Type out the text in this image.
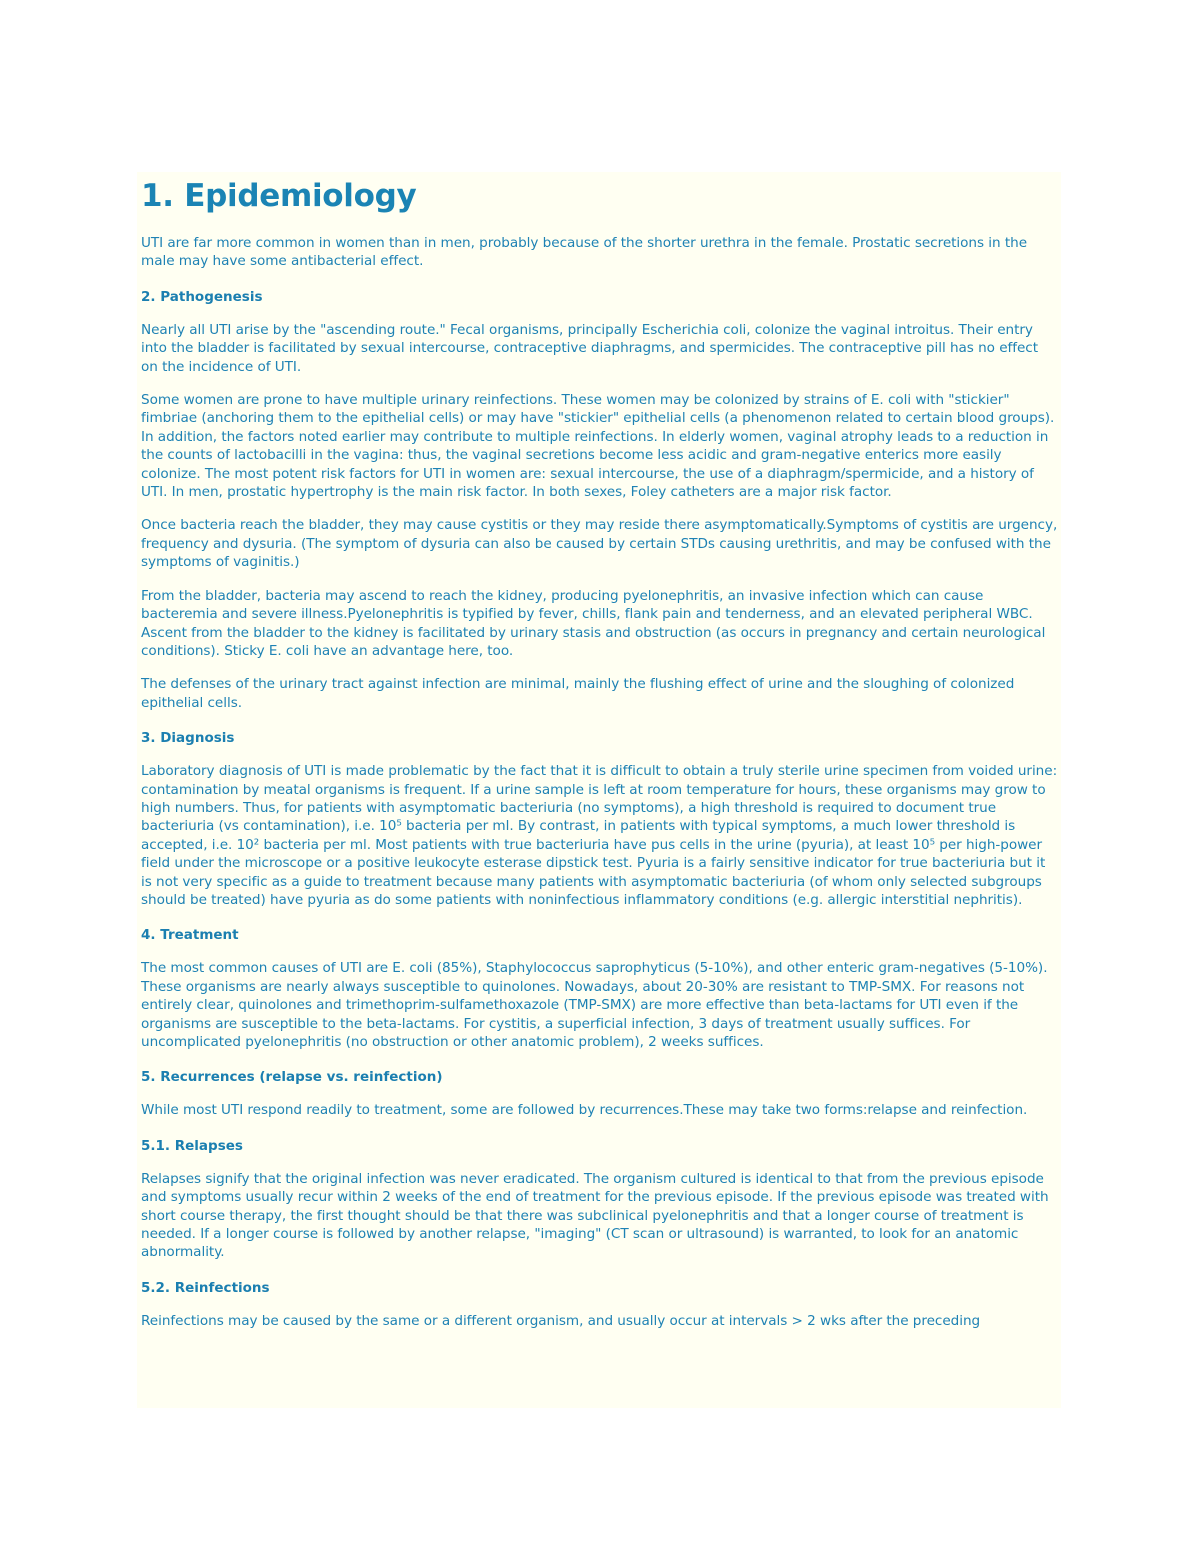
1. Epidemiology

UTI are far more common in women than in men, probably because of the shorter urethra in the female. Prostatic secretions in the male may have some antibacterial effect.

2. Pathogenesis

Nearly all UTI arise by the "ascending route." Fecal organisms, principally Escherichia coli, colonize the vaginal introitus. Their entry into the bladder is facilitated by sexual intercourse, contraceptive diaphragms, and spermicides. The contraceptive pill has no effect on the incidence of UTI.

Some women are prone to have multiple urinary reinfections. These women may be colonized by strains of E. coli with "stickier" fimbriae (anchoring them to the epithelial cells) or may have "stickier" epithelial cells (a phenomenon related to certain blood groups). In addition, the factors noted earlier may contribute to multiple reinfections. In elderly women, vaginal atrophy leads to a reduction in the counts of lactobacilli in the vagina: thus, the vaginal secretions become less acidic and gram-negative enterics more easily colonize. The most potent risk factors for UTI in women are: sexual intercourse, the use of a diaphragm/spermicide, and a history of UTI. In men, prostatic hypertrophy is the main risk factor. In both sexes, Foley catheters are a major risk factor.

Once bacteria reach the bladder, they may cause cystitis or they may reside there asymptomatically.Symptoms of cystitis are urgency, frequency and dysuria. (The symptom of dysuria can also be caused by certain STDs causing urethritis, and may be confused with the symptoms of vaginitis.)

From the bladder, bacteria may ascend to reach the kidney, producing pyelonephritis, an invasive infection which can cause bacteremia and severe illness.Pyelonephritis is typified by fever, chills, flank pain and tenderness, and an elevated peripheral WBC. Ascent from the bladder to the kidney is facilitated by urinary stasis and obstruction (as occurs in pregnancy and certain neurological conditions). Sticky E. coli have an advantage here, too.

The defenses of the urinary tract against infection are minimal, mainly the flushing effect of urine and the sloughing of colonized epithelial cells.

3. Diagnosis

Laboratory diagnosis of UTI is made problematic by the fact that it is difficult to obtain a truly sterile urine specimen from voided urine: contamination by meatal organisms is frequent. If a urine sample is left at room temperature for hours, these organisms may grow to high numbers. Thus, for patients with asymptomatic bacteriuria (no symptoms), a high threshold is required to document true bacteriuria (vs contamination), i.e. 10⁵ bacteria per ml. By contrast, in patients with typical symptoms, a much lower threshold is accepted, i.e. 10² bacteria per ml. Most patients with true bacteriuria have pus cells in the urine (pyuria), at least 10⁵ per high-power field under the microscope or a positive leukocyte esterase dipstick test. Pyuria is a fairly sensitive indicator for true bacteriuria but it is not very specific as a guide to treatment because many patients with asymptomatic bacteriuria (of whom only selected subgroups should be treated) have pyuria as do some patients with noninfectious inflammatory conditions (e.g. allergic interstitial nephritis).

4. Treatment

The most common causes of UTI are E. coli (85%), Staphylococcus saprophyticus (5-10%), and other enteric gram-negatives (5-10%). These organisms are nearly always susceptible to quinolones. Nowadays, about 20-30% are resistant to TMP-SMX. For reasons not entirely clear, quinolones and trimethoprim-sulfamethoxazole (TMP-SMX) are more effective than beta-lactams for UTI even if the organisms are susceptible to the beta-lactams. For cystitis, a superficial infection, 3 days of treatment usually suffices. For uncomplicated pyelonephritis (no obstruction or other anatomic problem), 2 weeks suffices.

5. Recurrences (relapse vs. reinfection)

While most UTI respond readily to treatment, some are followed by recurrences.These may take two forms:relapse and reinfection.

5.1. Relapses

Relapses signify that the original infection was never eradicated. The organism cultured is identical to that from the previous episode and symptoms usually recur within 2 weeks of the end of treatment for the previous episode. If the previous episode was treated with short course therapy, the first thought should be that there was subclinical pyelonephritis and that a longer course of treatment is needed. If a longer course is followed by another relapse, "imaging" (CT scan or ultrasound) is warranted, to look for an anatomic abnormality.

5.2. Reinfections

Reinfections may be caused by the same or a different organism, and usually occur at intervals > 2 wks after the preceding
